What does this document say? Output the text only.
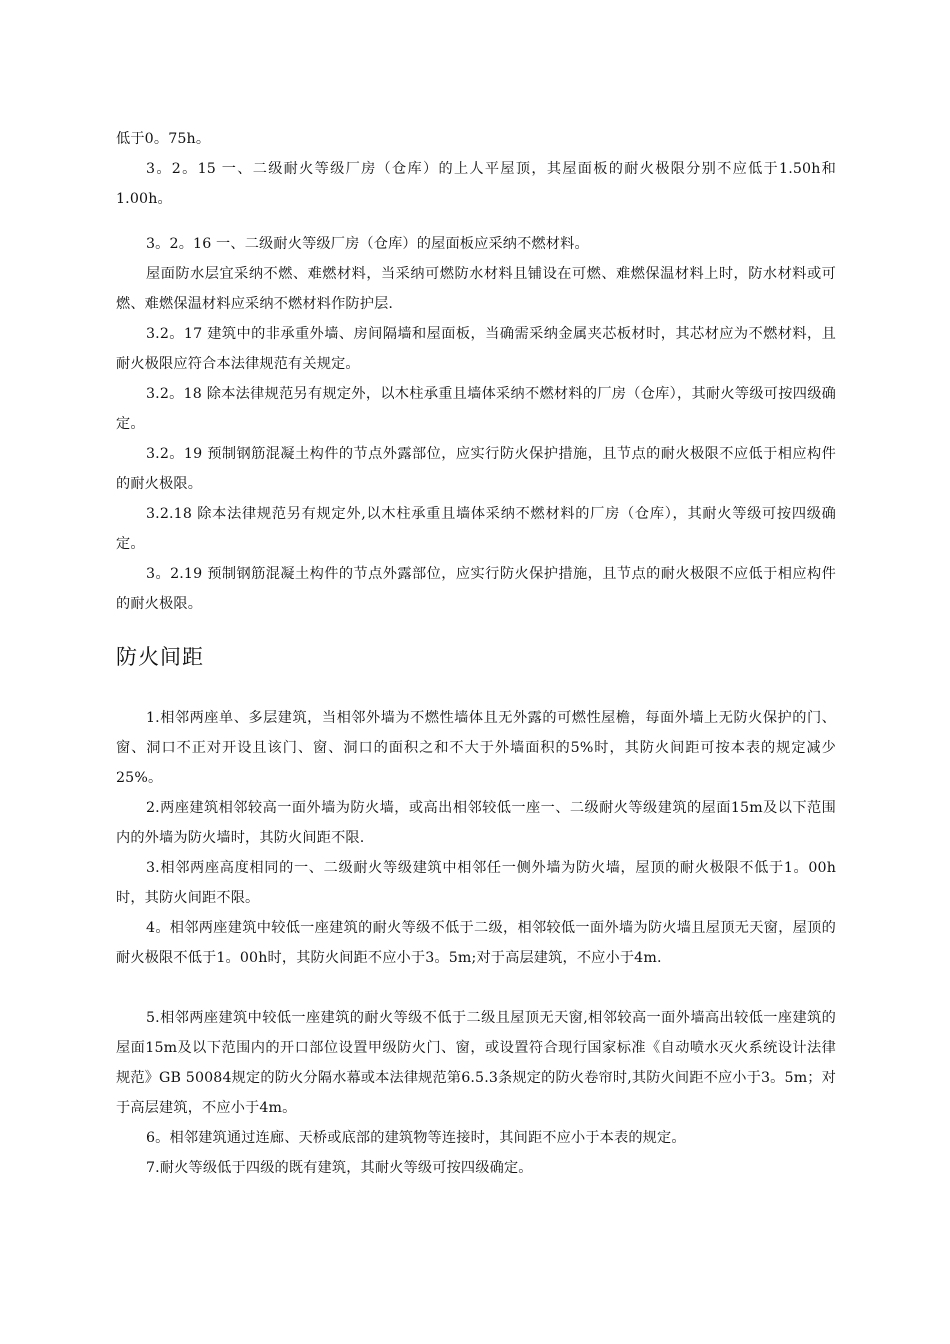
低于0。75h。

3。2。15 一、二级耐火等级厂房（仓库）的上人平屋顶，其屋面板的耐火极限分别不应低于1.50h和1.00h。

3。2。16 一、二级耐火等级厂房（仓库）的屋面板应采纳不燃材料。

屋面防水层宜采纳不燃、难燃材料，当采纳可燃防水材料且铺设在可燃、难燃保温材料上时，防水材料或可燃、难燃保温材料应采纳不燃材料作防护层.

3.2。17 建筑中的非承重外墙、房间隔墙和屋面板，当确需采纳金属夹芯板材时，其芯材应为不燃材料，且耐火极限应符合本法律规范有关规定。

3.2。18 除本法律规范另有规定外，以木柱承重且墙体采纳不燃材料的厂房（仓库），其耐火等级可按四级确定。

3.2。19 预制钢筋混凝土构件的节点外露部位，应实行防火保护措施，且节点的耐火极限不应低于相应构件的耐火极限。

3.2.18 除本法律规范另有规定外,以木柱承重且墙体采纳不燃材料的厂房（仓库），其耐火等级可按四级确定。

3。2.19 预制钢筋混凝土构件的节点外露部位，应实行防火保护措施，且节点的耐火极限不应低于相应构件的耐火极限。

防火间距

1.相邻两座单、多层建筑，当相邻外墙为不燃性墙体且无外露的可燃性屋檐，每面外墙上无防火保护的门、窗、洞口不正对开设且该门、窗、洞口的面积之和不大于外墙面积的5%时，其防火间距可按本表的规定减少25%。

2.两座建筑相邻较高一面外墙为防火墙，或高出相邻较低一座一、二级耐火等级建筑的屋面15m及以下范围内的外墙为防火墙时，其防火间距不限.

3.相邻两座高度相同的一、二级耐火等级建筑中相邻任一侧外墙为防火墙，屋顶的耐火极限不低于1。00h时，其防火间距不限。

4。相邻两座建筑中较低一座建筑的耐火等级不低于二级，相邻较低一面外墙为防火墙且屋顶无天窗，屋顶的耐火极限不低于1。00h时，其防火间距不应小于3。5m;对于高层建筑，不应小于4m.

5.相邻两座建筑中较低一座建筑的耐火等级不低于二级且屋顶无天窗,相邻较高一面外墙高出较低一座建筑的屋面15m及以下范围内的开口部位设置甲级防火门、窗，或设置符合现行国家标准《自动喷水灭火系统设计法律规范》GB 50084规定的防火分隔水幕或本法律规范第6.5.3条规定的防火卷帘时,其防火间距不应小于3。5m；对于高层建筑，不应小于4m。

6。相邻建筑通过连廊、天桥或底部的建筑物等连接时，其间距不应小于本表的规定。

7.耐火等级低于四级的既有建筑，其耐火等级可按四级确定。
